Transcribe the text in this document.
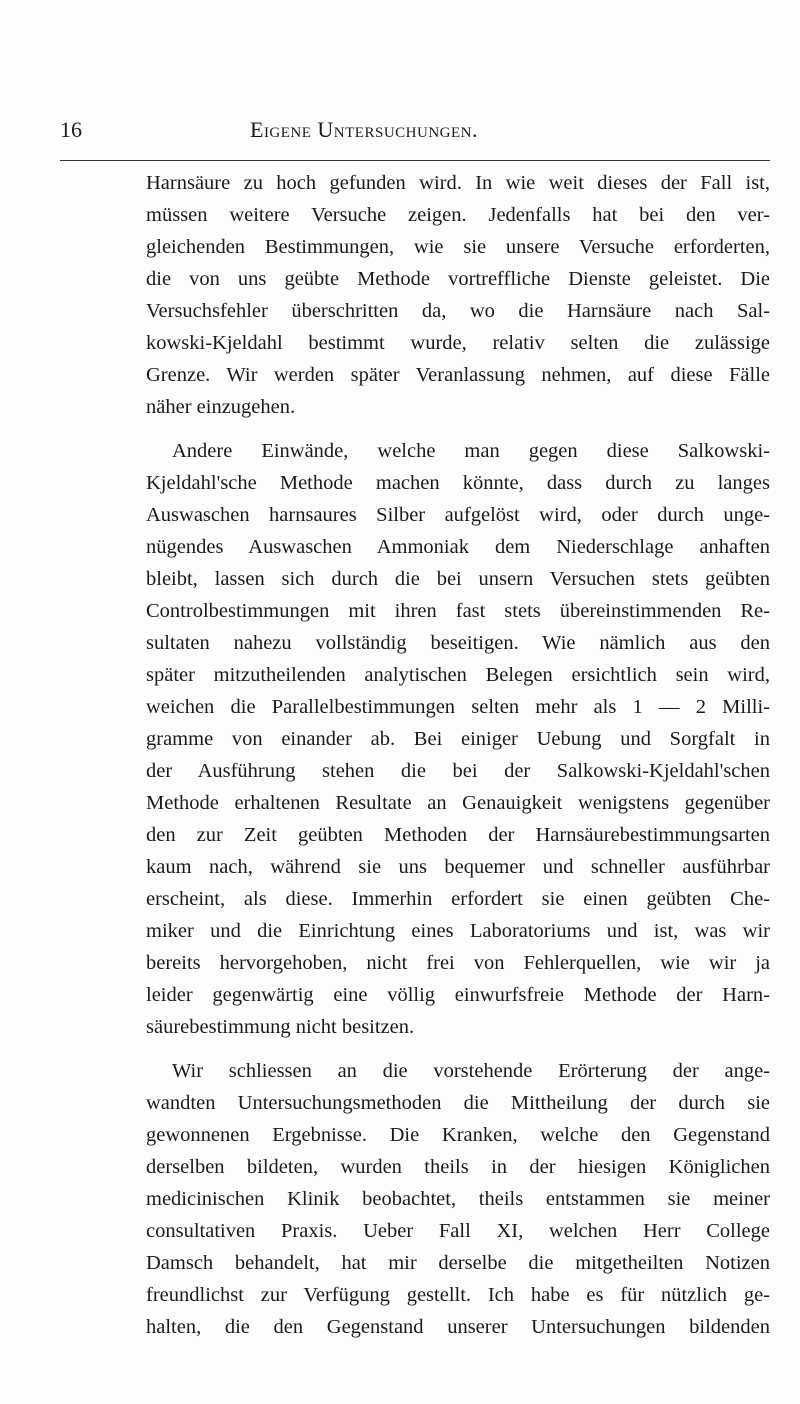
16	Eigene Untersuchungen.
Harnsäure zu hoch gefunden wird. In wie weit dieses der Fall ist,
müssen weitere Versuche zeigen. Jedenfalls hat bei den ver-
gleichenden Bestimmungen, wie sie unsere Versuche erforderten,
die von uns geübte Methode vortreffliche Dienste geleistet. Die
Versuchsfehler überschritten da, wo die Harnsäure nach Sal-
kowski-Kjeldahl bestimmt wurde, relativ selten die zulässige
Grenze. Wir werden später Veranlassung nehmen, auf diese Fälle
näher einzugehen.
Andere Einwände, welche man gegen diese Salkowski-
Kjeldahl'sche Methode machen könnte, dass durch zu langes
Auswaschen harnsaures Silber aufgelöst wird, oder durch unge-
nügendes Auswaschen Ammoniak dem Niederschlage anhaften
bleibt, lassen sich durch die bei unsern Versuchen stets geübten
Controlbestimmungen mit ihren fast stets übereinstimmenden Re-
sultaten nahezu vollständig beseitigen. Wie nämlich aus den
später mitzutheilenden analytischen Belegen ersichtlich sein wird,
weichen die Parallelbestimmungen selten mehr als 1 — 2 Milli-
gramme von einander ab. Bei einiger Uebung und Sorgfalt in
der Ausführung stehen die bei der Salkowski-Kjeldahl'schen
Methode erhaltenen Resultate an Genauigkeit wenigstens gegenüber
den zur Zeit geübten Methoden der Harnsäurebestimmungsarten
kaum nach, während sie uns bequemer und schneller ausführbar
erscheint, als diese. Immerhin erfordert sie einen geübten Che-
miker und die Einrichtung eines Laboratoriums und ist, was wir
bereits hervorgehoben, nicht frei von Fehlerquellen, wie wir ja
leider gegenwärtig eine völlig einwurfsfreie Methode der Harn-
säurebestimmung nicht besitzen.
Wir schliessen an die vorstehende Erörterung der ange-
wandten Untersuchungsmethoden die Mittheilung der durch sie
gewonnenen Ergebnisse. Die Kranken, welche den Gegenstand
derselben bildeten, wurden theils in der hiesigen Königlichen
medicinischen Klinik beobachtet, theils entstammen sie meiner
consultativen Praxis. Ueber Fall XI, welchen Herr College
Damsch behandelt, hat mir derselbe die mitgetheilten Notizen
freundlichst zur Verfügung gestellt. Ich habe es für nützlich ge-
halten, die den Gegenstand unserer Untersuchungen bildenden
